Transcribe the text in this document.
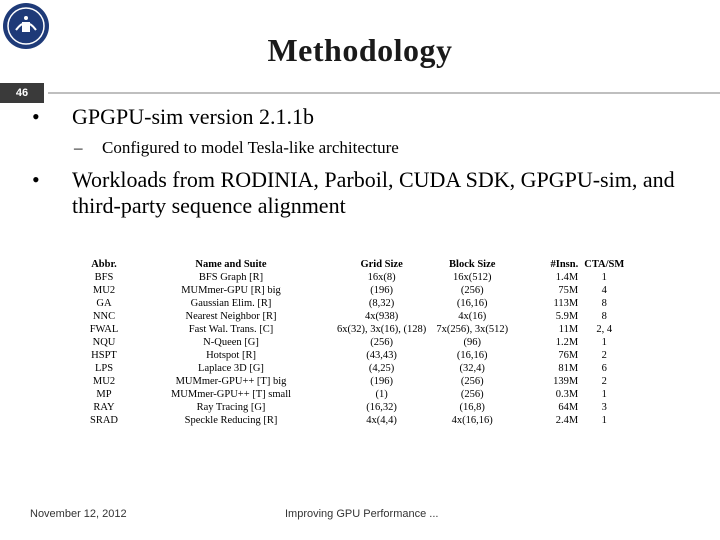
Methodology
46
•	GPGPU-sim version 2.1.1b
–	Configured to model Tesla-like architecture
•	Workloads from RODINIA, Parboil, CUDA SDK, GPGPU-sim, and third-party sequence alignment
Abbr.	Name and Suite	Grid Size	Block Size	#Insn.	CTA/SM
BFS	BFS Graph [R]	16x(8)	16x(512)	1.4M	1
MU2	MUMmer-GPU [R] big	(196)	(256)	75M	4
GA	Gaussian Elim. [R]	(8,32)	(16,16)	113M	8
NNC	Nearest Neighbor [R]	4x(938)	4x(16)	5.9M	8
FWAL	Fast Wal. Trans. [C]	6x(32), 3x(16), (128)	7x(256), 3x(512)	11M	2, 4
NQU	N-Queen [G]	(256)	(96)	1.2M	1
HSPT	Hotspot [R]	(43,43)	(16,16)	76M	2
LPS	Laplace 3D [G]	(4,25)	(32,4)	81M	6
MU2	MUMmer-GPU++ [T] big	(196)	(256)	139M	2
MP	MUMmer-GPU++ [T] small	(1)	(256)	0.3M	1
RAY	Ray Tracing [G]	(16,32)	(16,8)	64M	3
SRAD	Speckle Reducing [R]	4x(4,4)	4x(16,16)	2.4M	1
November 12, 2012	Improving GPU Performance ...
